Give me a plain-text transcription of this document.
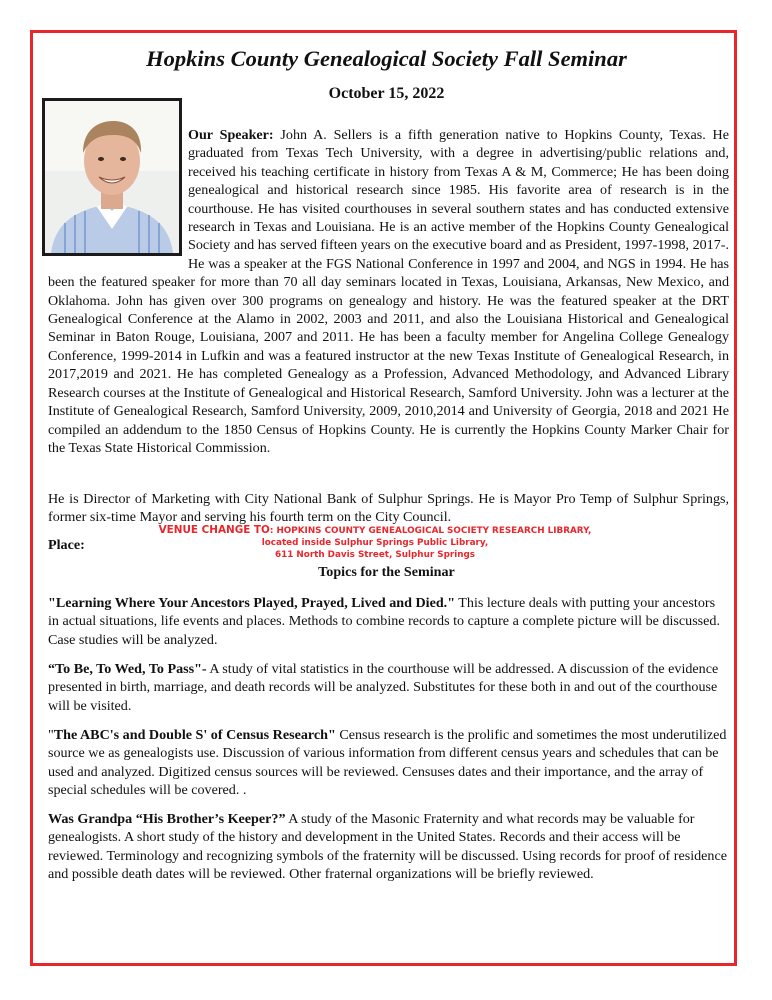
Hopkins County Genealogical Society Fall Seminar

October 15, 2022

Our Speaker: John A. Sellers is a fifth generation native to Hopkins County, Texas. He graduated from Texas Tech University, with a degree in advertising/public relations and, received his teaching certificate in history from Texas A & M, Commerce; He has been doing genealogical and historical research since 1985. His favorite area of research is in the courthouse. He has visited courthouses in several southern states and has conducted extensive research in Texas and Louisiana. He is an active member of the Hopkins County Genealogical Society and has served fifteen years on the executive board and as President, 1997-1998, 2017-. He was a speaker at the FGS National Conference in 1997 and 2004, and NGS in 1994. He has been the featured speaker for more than 70 all day seminars located in Texas, Louisiana, Arkansas, New Mexico, and Oklahoma. John has given over 300 programs on genealogy and history. He was the featured speaker at the DRT Genealogical Conference at the Alamo in 2002, 2003 and 2011, and also the Louisiana Historical and Genealogical Seminar in Baton Rouge, Louisiana, 2007 and 2011. He has been a faculty member for Angelina College Genealogy Conference, 1999-2014 in Lufkin and was a featured instructor at the new Texas Institute of Genealogical Research, in 2017,2019 and 2021. He has completed Genealogy as a Profession, Advanced Methodology, and Advanced Library Research courses at the Institute of Genealogical and Historical Research, Samford University. John was a lecturer at the Institute of Genealogical Research, Samford University, 2009, 2010,2014 and University of Georgia, 2018 and 2021 He compiled an addendum to the 1850 Census of Hopkins County. He is currently the Hopkins County Marker Chair for the Texas State Historical Commission.

He is Director of Marketing with City National Bank of Sulphur Springs. He is Mayor Pro Temp of Sulphur Springs, former six-time Mayor and serving his fourth term on the City Council.

Place:

VENUE CHANGE TO: HOPKINS COUNTY GENEALOGICAL SOCIETY RESEARCH LIBRARY,
located inside Sulphur Springs Public Library,
611 North Davis Street, Sulphur Springs

Topics for the Seminar

"Learning Where Your Ancestors Played, Prayed, Lived and Died." This lecture deals with putting your ancestors in actual situations, life events and places. Methods to combine records to capture a complete picture will be discussed. Case studies will be analyzed.

“To Be, To Wed, To Pass"- A study of vital statistics in the courthouse will be addressed. A discussion of the evidence presented in birth, marriage, and death records will be analyzed. Substitutes for these both in and out of the courthouse will be visited.

"The ABC's and Double S' of Census Research" Census research is the prolific and sometimes the most underutilized source we as genealogists use. Discussion of various information from different census years and schedules that can be used and analyzed. Digitized census sources will be reviewed. Censuses dates and their importance, and the array of special schedules will be covered. .

Was Grandpa “His Brother’s Keeper?” A study of the Masonic Fraternity and what records may be valuable for genealogists. A short study of the history and development in the United States. Records and their access will be reviewed. Terminology and recognizing symbols of the fraternity will be discussed. Using records for proof of residence and possible death dates will be reviewed. Other fraternal organizations will be briefly reviewed.
